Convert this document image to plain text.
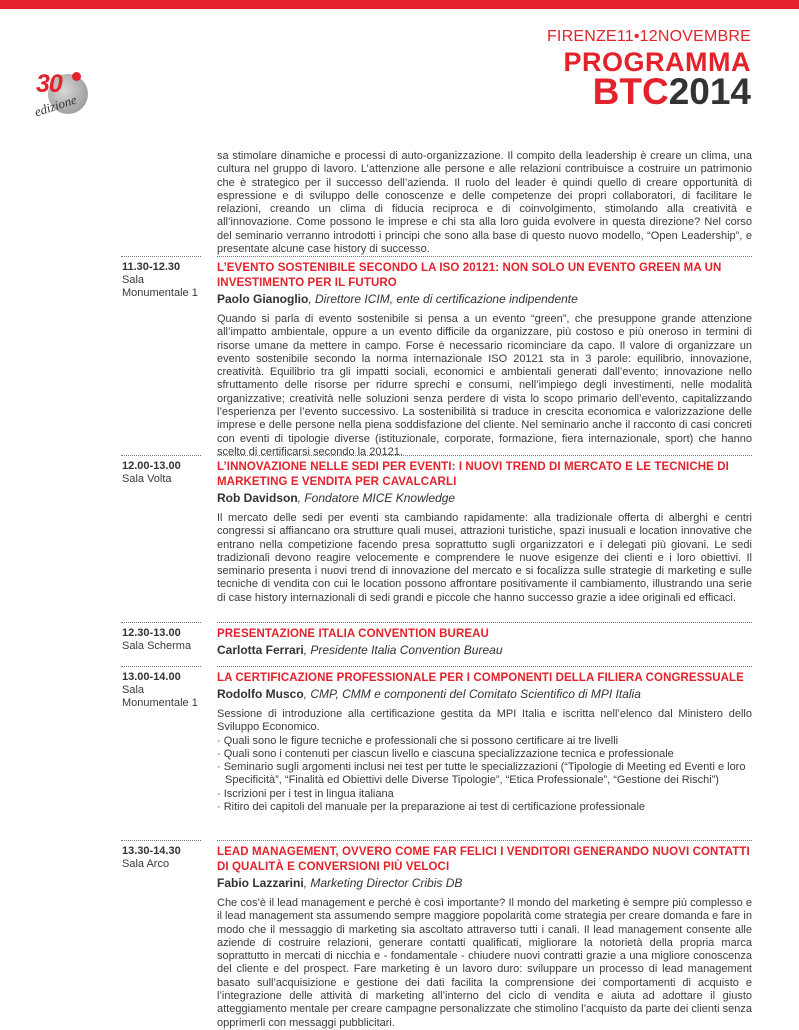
30
edizione
FIRENZE11•12NOVEMBRE
PROGRAMMA
BTC2014
sa stimolare dinamiche e processi di auto-organizzazione. Il compito della leadership è creare un clima, una cultura nel gruppo di lavoro. L’attenzione alle persone e alle relazioni contribuisce a costruire un patrimonio che è strategico per il successo dell’azienda. Il ruolo del leader è quindi quello di creare opportunità di espressione e di sviluppo delle conoscenze e delle competenze dei propri collaboratori, di facilitare le relazioni, creando un clima di fiducia reciproca e di coinvolgimento, stimolando alla creatività e all’innovazione. Come possono le imprese e chi sta alla loro guida evolvere in questa direzione? Nel corso del seminario verranno introdotti i principi che sono alla base di questo nuovo modello, “Open Leadership”, e presentate alcune case history di successo.
11.30-12.30
Sala Monumentale 1
L’EVENTO SOSTENIBILE SECONDO LA ISO 20121: NON SOLO UN EVENTO GREEN MA UN INVESTIMENTO PER IL FUTURO
Paolo Gianoglio, Direttore ICIM, ente di certificazione indipendente
Quando si parla di evento sostenibile si pensa a un evento “green”, che presuppone grande attenzione all’impatto ambientale, oppure a un evento difficile da organizzare, più costoso e più oneroso in termini di risorse umane da mettere in campo. Forse è necessario ricominciare da capo. Il valore di organizzare un evento sostenibile secondo la norma internazionale ISO 20121 sta in 3 parole: equilibrio, innovazione, creatività. Equilibrio tra gli impatti sociali, economici e ambientali generati dall’evento; innovazione nello sfruttamento delle risorse per ridurre sprechi e consumi, nell’impiego degli investimenti, nelle modalità organizzative; creatività nelle soluzioni senza perdere di vista lo scopo primario dell’evento, capitalizzando l’esperienza per l’evento successivo. La sostenibilità si traduce in crescita economica e valorizzazione delle imprese e delle persone nella piena soddisfazione del cliente. Nel seminario anche il racconto di casi concreti con eventi di tipologie diverse (istituzionale, corporate, formazione, fiera internazionale, sport) che hanno scelto di certificarsi secondo la 20121.
12.00-13.00
Sala Volta
L’INNOVAZIONE NELLE SEDI PER EVENTI: I NUOVI TREND DI MERCATO E LE TECNICHE DI MARKETING E VENDITA PER CAVALCARLI
Rob Davidson, Fondatore MICE Knowledge
Il mercato delle sedi per eventi sta cambiando rapidamente: alla tradizionale offerta di alberghi e centri congressi si affiancano ora strutture quali musei, attrazioni turistiche, spazi inusuali e location innovative che entrano nella competizione facendo presa soprattutto sugli organizzatori e i delegati più giovani. Le sedi tradizionali devono reagire velocemente e comprendere le nuove esigenze dei clienti e i loro obiettivi. Il seminario presenta i nuovi trend di innovazione del mercato e si focalizza sulle strategie di marketing e sulle tecniche di vendita con cui le location possono affrontare positivamente il cambiamento, illustrando una serie di case history internazionali di sedi grandi e piccole che hanno successo grazie a idee originali ed efficaci.
12.30-13.00
Sala Scherma
PRESENTAZIONE ITALIA CONVENTION BUREAU
Carlotta Ferrari, Presidente Italia Convention Bureau
13.00-14.00
Sala Monumentale 1
LA CERTIFICAZIONE PROFESSIONALE PER I COMPONENTI DELLA FILIERA CONGRESSUALE
Rodolfo Musco, CMP, CMM e componenti del Comitato Scientifico di MPI Italia
Sessione di introduzione alla certificazione gestita da MPI Italia e iscritta nell’elenco dal Ministero dello Sviluppo Economico.
· Quali sono le figure tecniche e professionali che si possono certificare ai tre livelli
· Quali sono i contenuti per ciascun livello e ciascuna specializzazione tecnica e professionale
· Seminario sugli argomenti inclusi nei test per tutte le specializzazioni (“Tipologie di Meeting ed Eventi e loro Specificità”, “Finalità ed Obiettivi delle Diverse Tipologie”, “Etica Professionale”, “Gestione dei Rischi”)
· Iscrizioni per i test in lingua italiana
· Ritiro dei capitoli del manuale per la preparazione ai test di certificazione professionale
13.30-14.30
Sala Arco
LEAD MANAGEMENT, OVVERO COME FAR FELICI I VENDITORI GENERANDO NUOVI CONTATTI DI QUALITÀ E CONVERSIONI PIÙ VELOCI
Fabio Lazzarini, Marketing Director Cribis DB
Che cos’è il lead management e perché è così importante? Il mondo del marketing è sempre più complesso e il lead management sta assumendo sempre maggiore popolarità come strategia per creare domanda e fare in modo che il messaggio di marketing sia ascoltato attraverso tutti i canali. Il lead management consente alle aziende di costruire relazioni, generare contatti qualificati, migliorare la notorietà della propria marca soprattutto in mercati di nicchia e - fondamentale - chiudere nuovi contratti grazie a una migliore conoscenza del cliente e del prospect. Fare marketing è un lavoro duro: sviluppare un processo di lead management basato sull’acquisizione e gestione dei dati facilita la comprensione dei comportamenti di acquisto e l’integrazione delle attività di marketing all’interno del ciclo di vendita e aiuta ad adottare il giusto atteggiamento mentale per creare campagne personalizzate che stimolino l’acquisto da parte dei clienti senza opprimerli con messaggi pubblicitari.
